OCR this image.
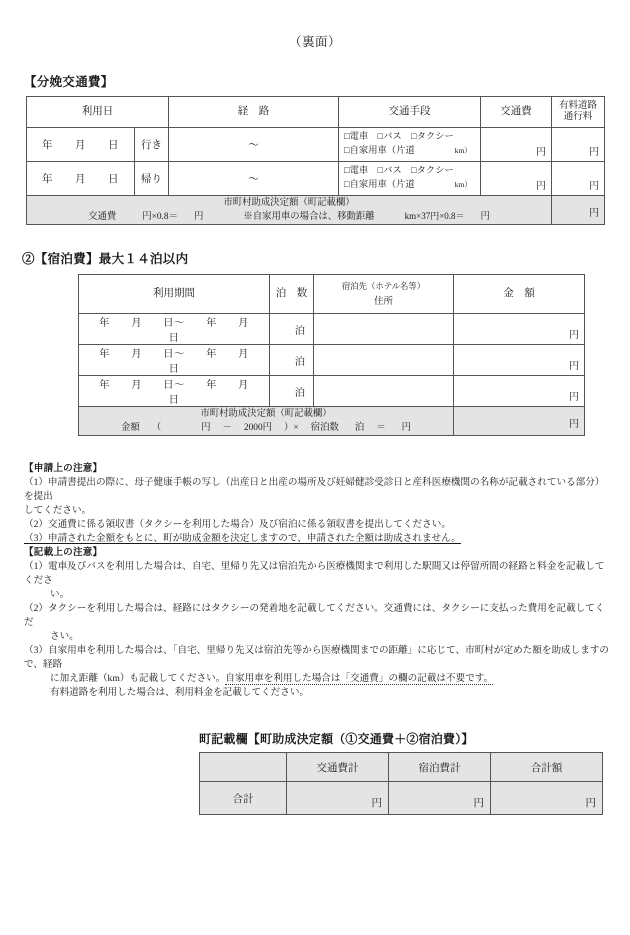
（裏面）
【分娩交通費】
利用日		経　路	交通手段	交通費	有料道路
通行料
年　　月　　日	行き	～	□電車　□バス　□タクシー
□自家用車（片道 km）	円	円
年　　月　　日	帰り	～	□電車　□バス　□タクシー
□自家用車（片道 km）	円	円
市町村助成決定額（町記載欄）
交通費 円×0.8＝ 円 ※自家用車の場合は、移動距離 km×37円×0.8＝ 円					円
②【宿泊費】最大１４泊以内
利用期間	泊　数	宿泊先（ホテル名等）
住所	金　額
年　　月　　日～　　年　　月　　日	泊		円
年　　月　　日～　　年　　月　　日	泊		円
年　　月　　日～　　年　　月　　日	泊		円
市町村助成決定額（町記載欄）
金額 （ 円 － 2000円 ）× 宿泊数 泊 ＝ 円			円

【申請上の注意】

（1）申請書提出の際に、母子健康手帳の写し（出産日と出産の場所及び妊婦健診受診日と産科医療機関の名称が記載されている部分）を提出

してください。

（2）交通費に係る領収書（タクシーを利用した場合）及び宿泊に係る領収書を提出してください。

（3）申請された金額をもとに、町が助成金額を決定しますので、申請された全額は助成されません。

【記載上の注意】

（1）電車及びバスを利用した場合は、自宅、里帰り先又は宿泊先から医療機関まで利用した駅間又は停留所間の経路と料金を記載してくださ

い。

（2）タクシーを利用した場合は、経路にはタクシーの発着地を記載してください。交通費には、タクシーに支払った費用を記載してくだ

さい。

（3）自家用車を利用した場合は、「自宅、里帰り先又は宿泊先等から医療機関までの距離」に応じて、市町村が定めた額を助成しますので、経路

に加え距離（km）も記載してください。自家用車を利用した場合は「交通費」の欄の記載は不要です。

有料道路を利用した場合は、利用料金を記載してください。

町記載欄【町助成決定額（①交通費＋②宿泊費）】
	交通費計	宿泊費計	合計額
合計	円	円	円
